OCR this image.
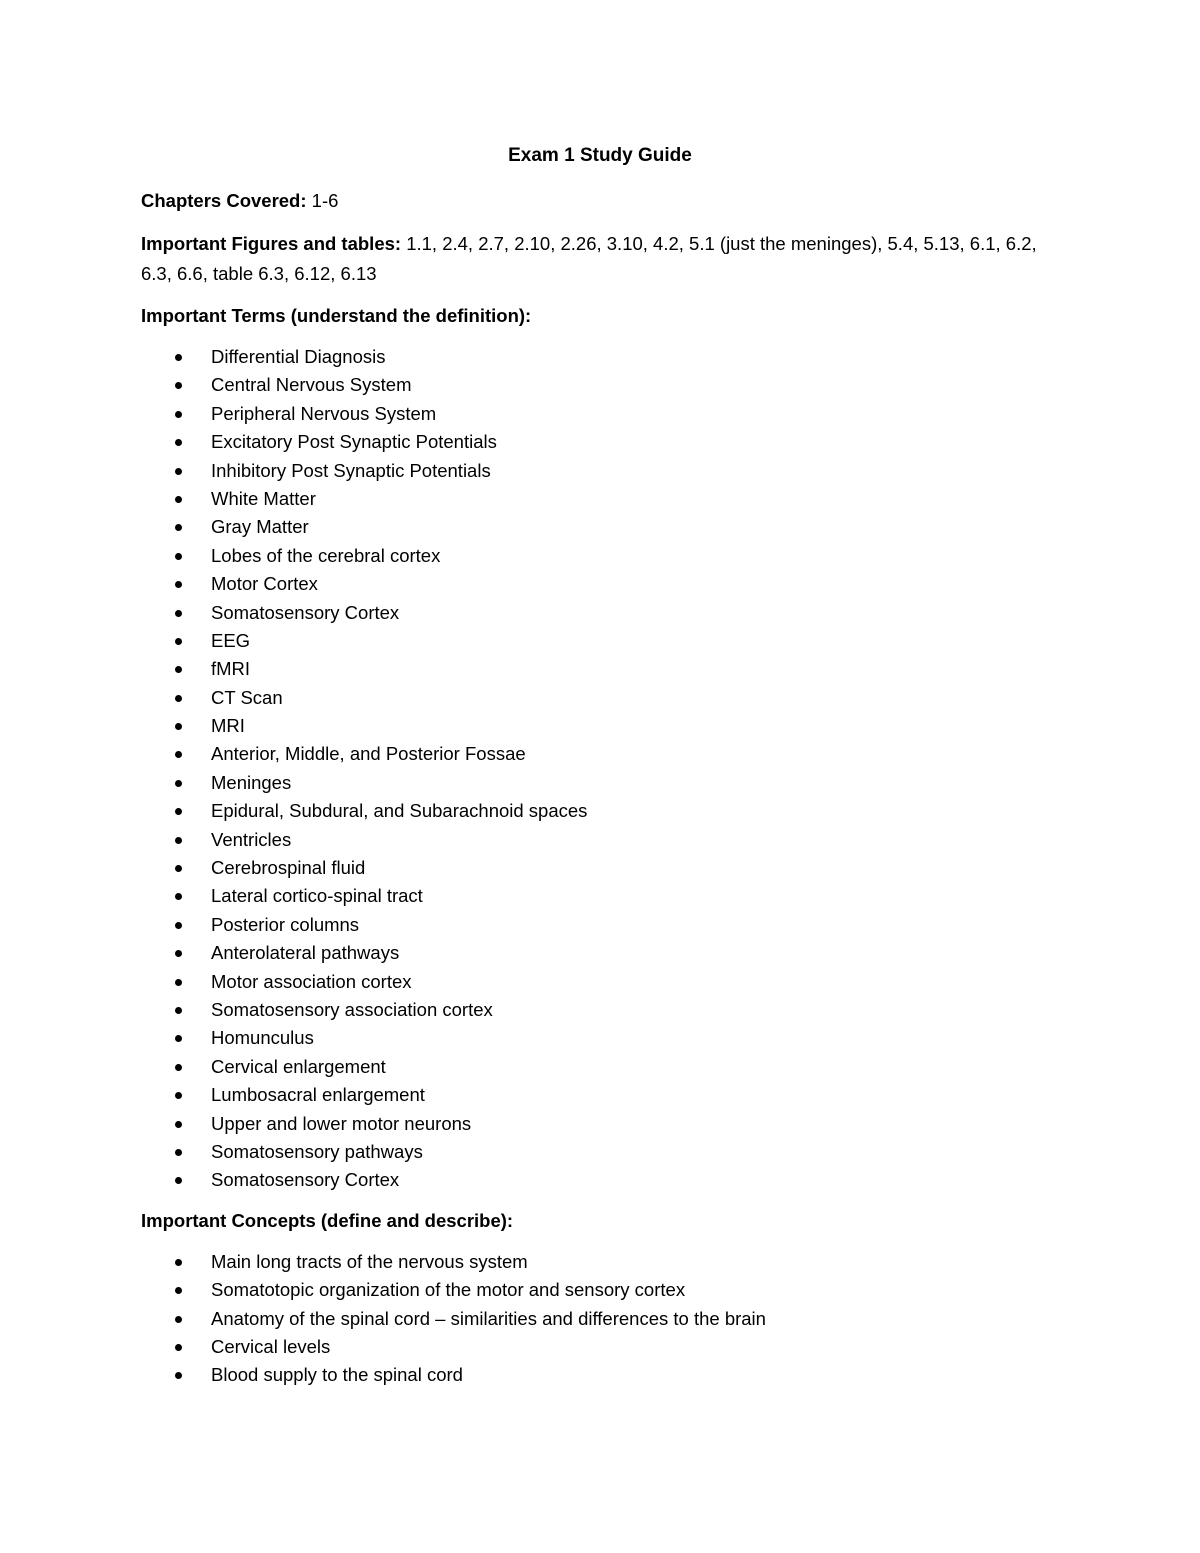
Exam 1 Study Guide

Chapters Covered: 1-6

Important Figures and tables: 1.1, 2.4, 2.7, 2.10, 2.26, 3.10, 4.2, 5.1 (just the meninges), 5.4, 5.13, 6.1, 6.2, 6.3, 6.6, table 6.3, 6.12, 6.13

Important Terms (understand the definition):
Differential Diagnosis
Central Nervous System
Peripheral Nervous System
Excitatory Post Synaptic Potentials
Inhibitory Post Synaptic Potentials
White Matter
Gray Matter
Lobes of the cerebral cortex
Motor Cortex
Somatosensory Cortex
EEG
fMRI
CT Scan
MRI
Anterior, Middle, and Posterior Fossae
Meninges
Epidural, Subdural, and Subarachnoid spaces
Ventricles
Cerebrospinal fluid
Lateral cortico-spinal tract
Posterior columns
Anterolateral pathways
Motor association cortex
Somatosensory association cortex
Homunculus
Cervical enlargement
Lumbosacral enlargement
Upper and lower motor neurons
Somatosensory pathways
Somatosensory Cortex
Important Concepts (define and describe):
Main long tracts of the nervous system
Somatotopic organization of the motor and sensory cortex
Anatomy of the spinal cord – similarities and differences to the brain
Cervical levels
Blood supply to the spinal cord
